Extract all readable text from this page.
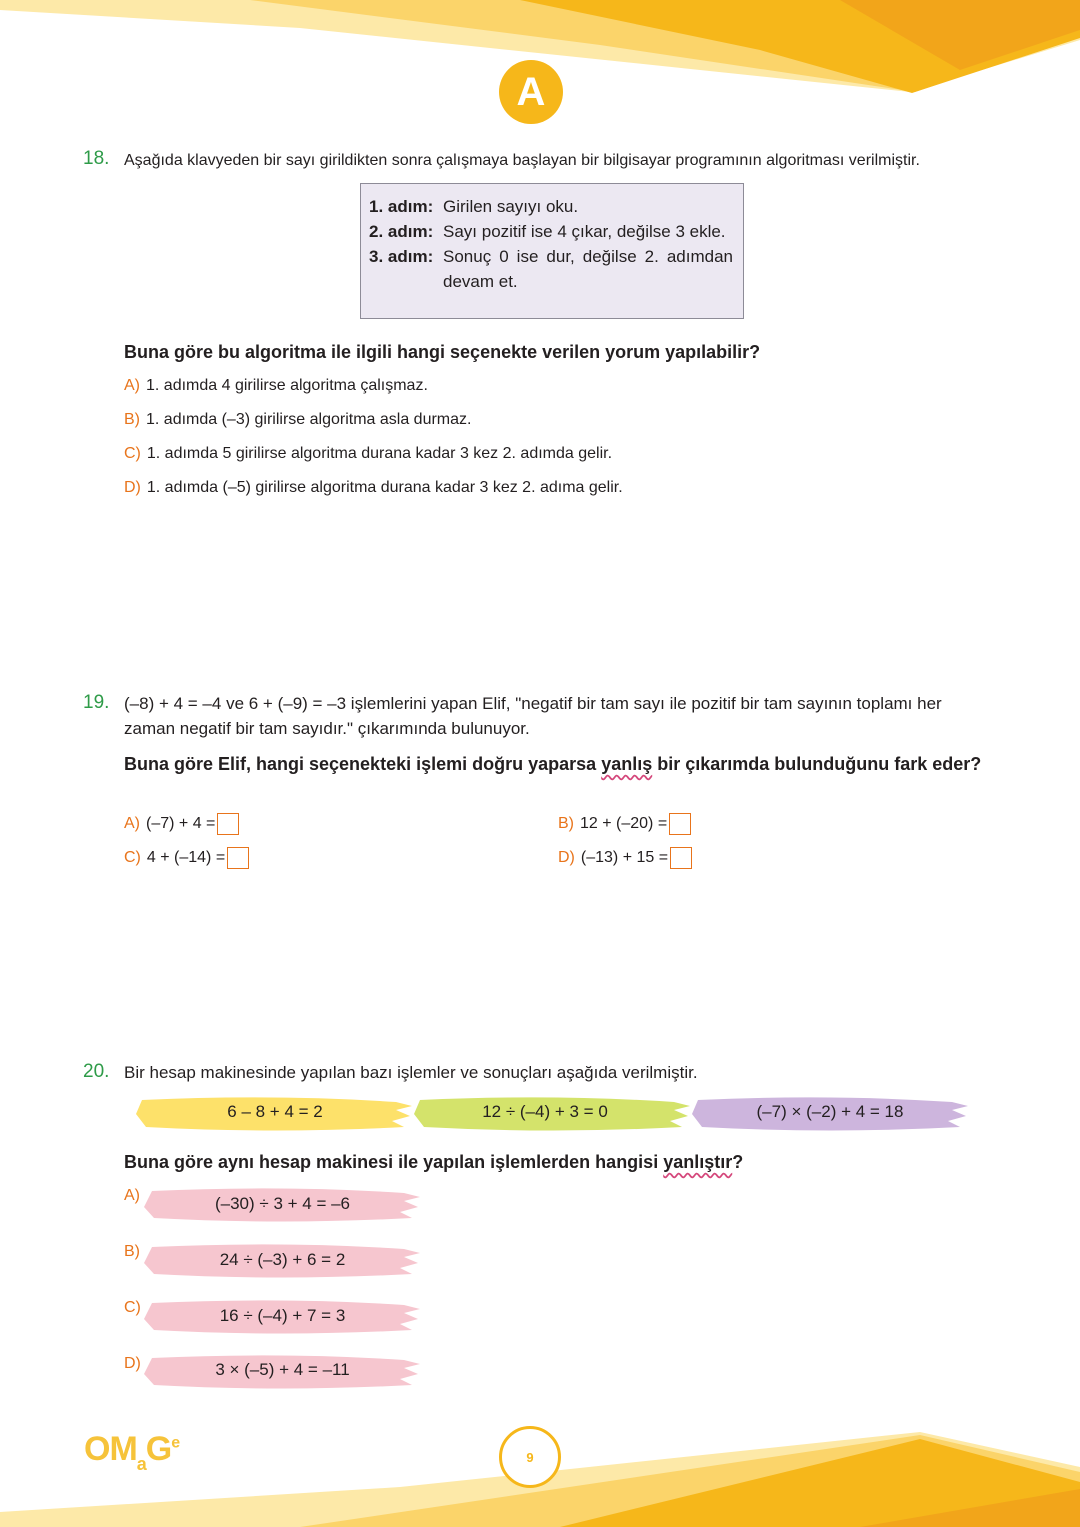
A
18. Aşağıda klavyeden bir sayı girildikten sonra çalışmaya başlayan bir bilgisayar programının algoritması verilmiştir.
1. adım: Girilen sayıyı oku.
2. adım: Sayı pozitif ise 4 çıkar, değilse 3 ekle.
3. adım: Sonuç 0 ise dur, değilse 2. adımdan devam et.
Buna göre bu algoritma ile ilgili hangi seçenekte verilen yorum yapılabilir?
A) 1. adımda 4 girilirse algoritma çalışmaz.
B) 1. adımda (–3) girilirse algoritma asla durmaz.
C) 1. adımda 5 girilirse algoritma durana kadar 3 kez 2. adımda gelir.
D) 1. adımda (–5) girilirse algoritma durana kadar 3 kez 2. adıma gelir.
19. (–8) + 4 = –4 ve 6 + (–9) = –3 işlemlerini yapan Elif, "negatif bir tam sayı ile pozitif bir tam sayının toplamı her zaman negatif bir tam sayıdır." çıkarımında bulunuyor.
Buna göre Elif, hangi seçenekteki işlemi doğru yaparsa yanlış bir çıkarımda bulunduğunu fark eder?
A) (–7) + 4 =	B) 12 + (–20) =
C) 4 + (–14) =	D) (–13) + 15 =
20. Bir hesap makinesinde yapılan bazı işlemler ve sonuçları aşağıda verilmiştir.
6 – 8 + 4 = 2	12 ÷ (–4) + 3 = 0	(–7) × (–2) + 4 = 18
Buna göre aynı hesap makinesi ile yapılan işlemlerden hangisi yanlıştır?
A)	(–30) ÷ 3 + 4 = –6
B)	24 ÷ (–3) + 6 = 2
C)	16 ÷ (–4) + 7 = 3
D)	3 × (–5) + 4 = –11
$OM_aG^e$
9
